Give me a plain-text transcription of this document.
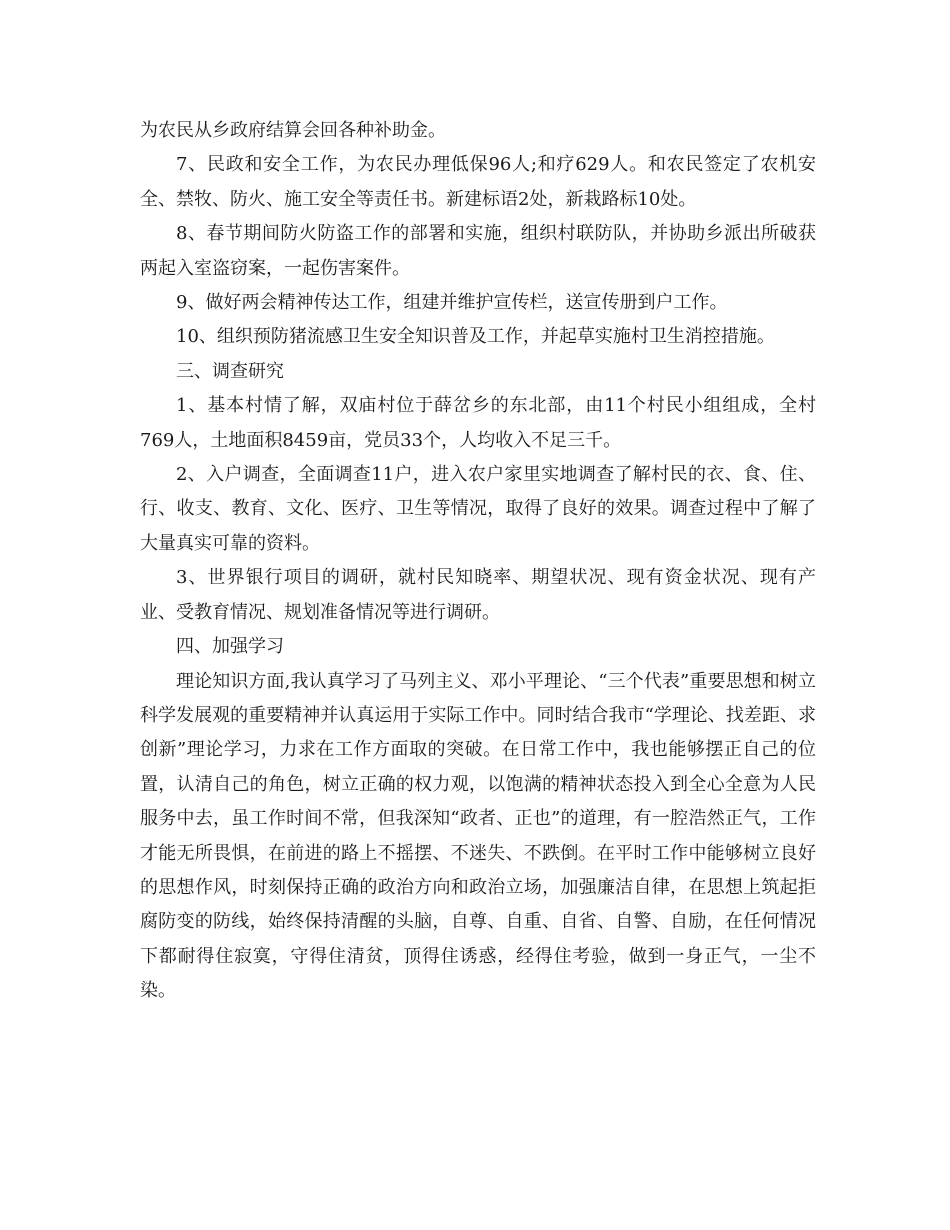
为农民从乡政府结算会回各种补助金。

7、民政和安全工作，为农民办理低保96人;和疗629人。和农民签定了农机安全、禁牧、防火、施工安全等责任书。新建标语2处，新栽路标10处。

8、春节期间防火防盗工作的部署和实施，组织村联防队，并协助乡派出所破获两起入室盗窃案，一起伤害案件。

9、做好两会精神传达工作，组建并维护宣传栏，送宣传册到户工作。

10、组织预防猪流感卫生安全知识普及工作，并起草实施村卫生消控措施。

三、调查研究

1、基本村情了解，双庙村位于薛岔乡的东北部，由11个村民小组组成，全村769人，土地面积8459亩，党员33个，人均收入不足三千。

2、入户调查，全面调查11户，进入农户家里实地调查了解村民的衣、食、住、行、收支、教育、文化、医疗、卫生等情况，取得了良好的效果。调查过程中了解了大量真实可靠的资料。

3、世界银行项目的调研，就村民知晓率、期望状况、现有资金状况、现有产业、受教育情况、规划准备情况等进行调研。

四、加强学习

理论知识方面,我认真学习了马列主义、邓小平理论、“三个代表”重要思想和树立科学发展观的重要精神并认真运用于实际工作中。同时结合我市“学理论、找差距、求创新”理论学习，力求在工作方面取的突破。在日常工作中，我也能够摆正自己的位置，认清自己的角色，树立正确的权力观，以饱满的精神状态投入到全心全意为人民服务中去，虽工作时间不常，但我深知“政者、正也”的道理，有一腔浩然正气，工作才能无所畏惧，在前进的路上不摇摆、不迷失、不跌倒。在平时工作中能够树立良好的思想作风，时刻保持正确的政治方向和政治立场，加强廉洁自律，在思想上筑起拒腐防变的防线，始终保持清醒的头脑，自尊、自重、自省、自警、自励，在任何情况下都耐得住寂寞，守得住清贫，顶得住诱惑，经得住考验，做到一身正气，一尘不染。
